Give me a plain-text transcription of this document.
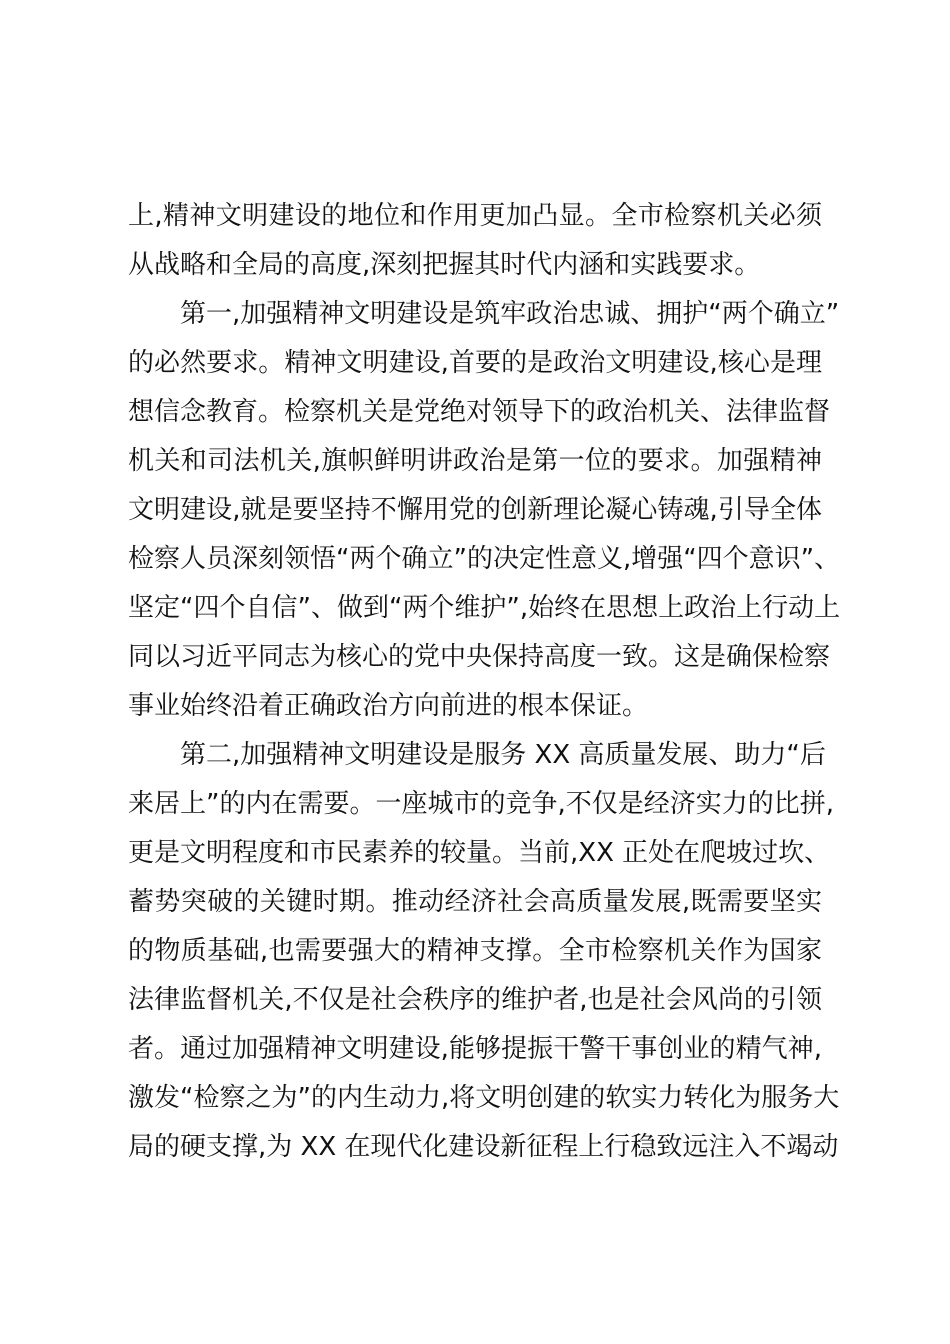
上,精神文明建设的地位和作用更加凸显。全市检察机关必须
从战略和全局的高度,深刻把握其时代内涵和实践要求。
第一,加强精神文明建设是筑牢政治忠诚、拥护“两个确立”
的必然要求。精神文明建设,首要的是政治文明建设,核心是理
想信念教育。检察机关是党绝对领导下的政治机关、法律监督
机关和司法机关,旗帜鲜明讲政治是第一位的要求。加强精神
文明建设,就是要坚持不懈用党的创新理论凝心铸魂,引导全体
检察人员深刻领悟“两个确立”的决定性意义,增强“四个意识”、
坚定“四个自信”、做到“两个维护”,始终在思想上政治上行动上
同以习近平同志为核心的党中央保持高度一致。这是确保检察
事业始终沿着正确政治方向前进的根本保证。
第二,加强精神文明建设是服务 XX 高质量发展、助力“后
来居上”的内在需要。一座城市的竞争,不仅是经济实力的比拼,
更是文明程度和市民素养的较量。当前,XX 正处在爬坡过坎、
蓄势突破的关键时期。推动经济社会高质量发展,既需要坚实
的物质基础,也需要强大的精神支撑。全市检察机关作为国家
法律监督机关,不仅是社会秩序的维护者,也是社会风尚的引领
者。通过加强精神文明建设,能够提振干警干事创业的精气神,
激发“检察之为”的内生动力,将文明创建的软实力转化为服务大
局的硬支撑,为 XX 在现代化建设新征程上行稳致远注入不竭动
